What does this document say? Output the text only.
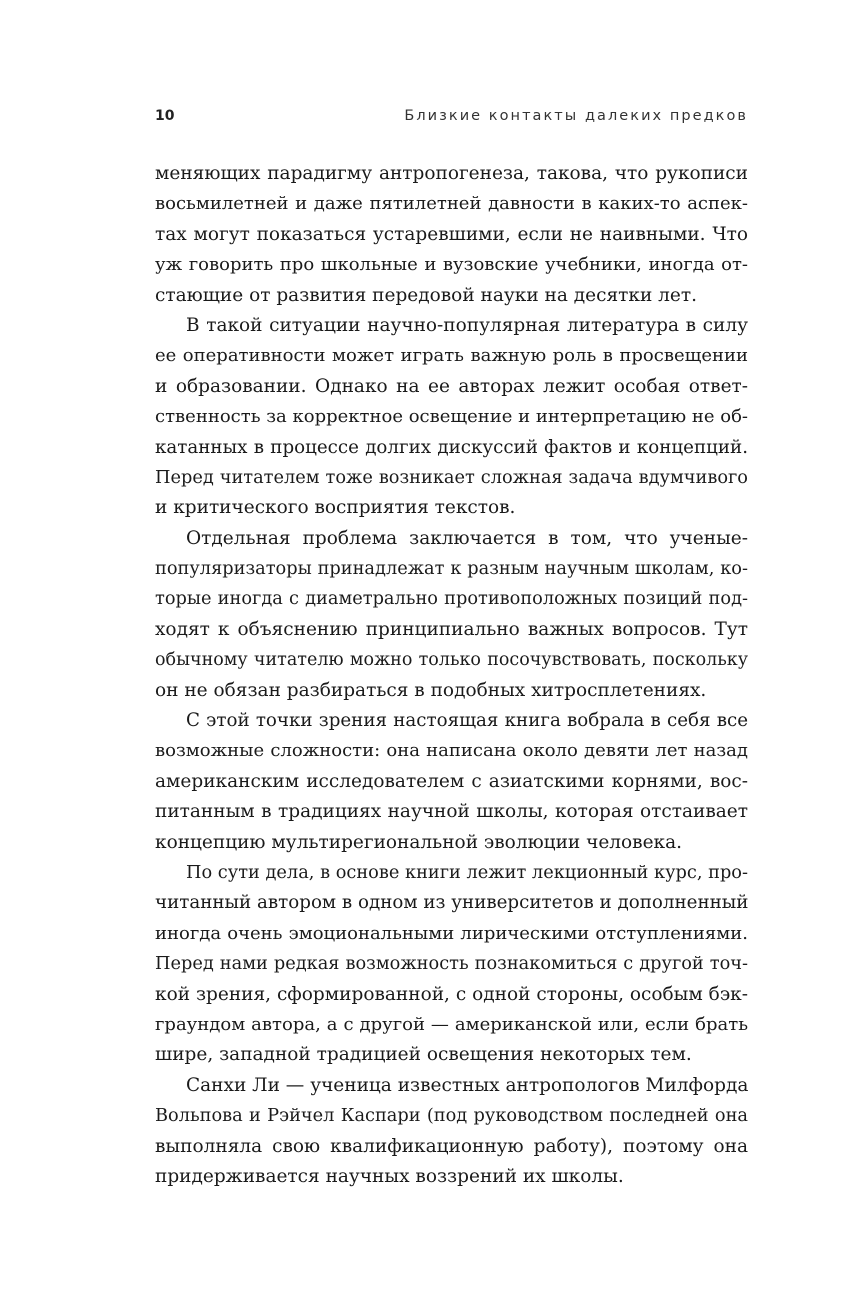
10	Близкие контакты далеких предков
меняющих парадигму антропогенеза, такова, что рукописи
восьмилетней и даже пятилетней давности в каких-то аспек-
тах могут показаться устаревшими, если не наивными. Что
уж говорить про школьные и вузовские учебники, иногда от-
стающие от развития передовой науки на десятки лет.
В такой ситуации научно-популярная литература в силу
ее оперативности может играть важную роль в просвещении
и образовании. Однако на ее авторах лежит особая ответ-
ственность за корректное освещение и интерпретацию не об-
катанных в процессе долгих дискуссий фактов и концепций.
Перед читателем тоже возникает сложная задача вдумчивого
и критического восприятия текстов.
Отдельная проблема заключается в том, что ученые-
популяризаторы принадлежат к разным научным школам, ко-
торые иногда с диаметрально противоположных позиций под-
ходят к объяснению принципиально важных вопросов. Тут
обычному читателю можно только посочувствовать, поскольку
он не обязан разбираться в подобных хитросплетениях.
С этой точки зрения настоящая книга вобрала в себя все
возможные сложности: она написана около девяти лет назад
американским исследователем с азиатскими корнями, вос-
питанным в традициях научной школы, которая отстаивает
концепцию мультирегиональной эволюции человека.
По сути дела, в основе книги лежит лекционный курс, про-
читанный автором в одном из университетов и дополненный
иногда очень эмоциональными лирическими отступлениями.
Перед нами редкая возможность познакомиться с другой точ-
кой зрения, сформированной, с одной стороны, особым бэк-
граундом автора, а с другой — американской или, если брать
шире, западной традицией освещения некоторых тем.
Санхи Ли — ученица известных антропологов Милфорда
Вольпова и Рэйчел Каспари (под руководством последней она
выполняла свою квалификационную работу), поэтому она
придерживается научных воззрений их школы.
